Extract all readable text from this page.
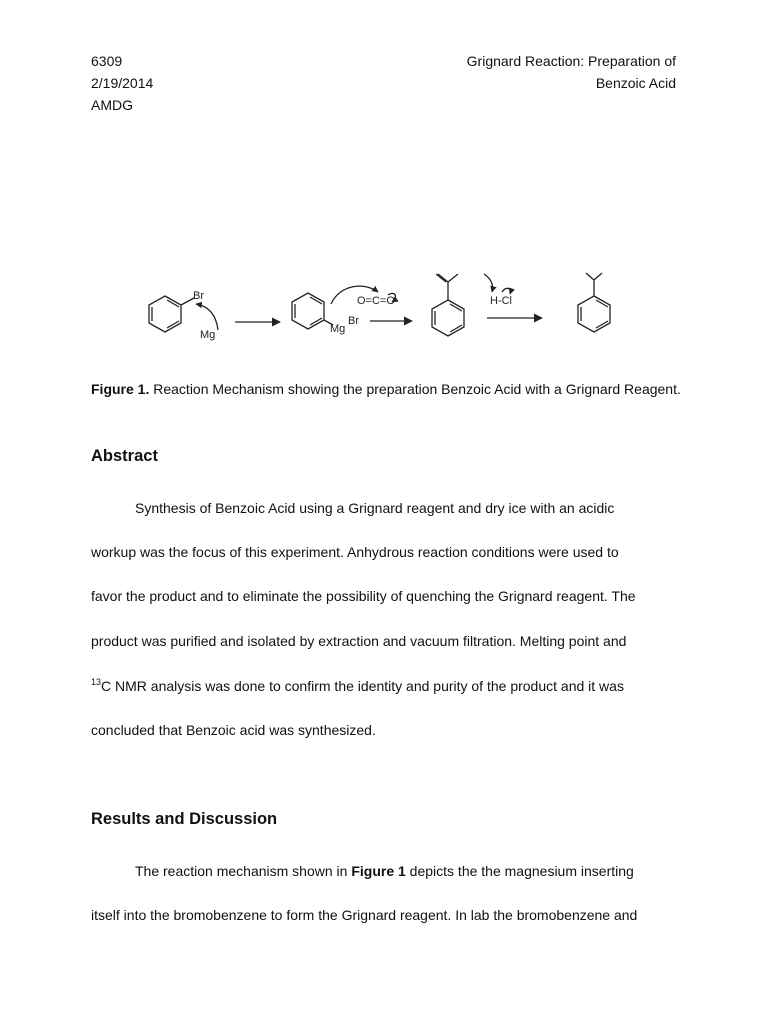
6309
2/19/2014
AMDG
Grignard Reaction: Preparation of
Benzoic Acid
Br
Mg	Mg
Br
O=C=O	H-Cl
Figure 1. Reaction Mechanism showing the preparation Benzoic Acid with a Grignard Reagent.
Abstract
Synthesis of Benzoic Acid using a Grignard reagent and dry ice with an acidic
workup was the focus of this experiment. Anhydrous reaction conditions were used to
favor the product and to eliminate the possibility of quenching the Grignard reagent. The
product was purified and isolated by extraction and vacuum filtration. Melting point and
$^{13}$C NMR analysis was done to confirm the identity and purity of the product and it was
concluded that Benzoic acid was synthesized.
Results and Discussion
The reaction mechanism shown in Figure 1 depicts the the magnesium inserting
itself into the bromobenzene to form the Grignard reagent. In lab the bromobenzene and
